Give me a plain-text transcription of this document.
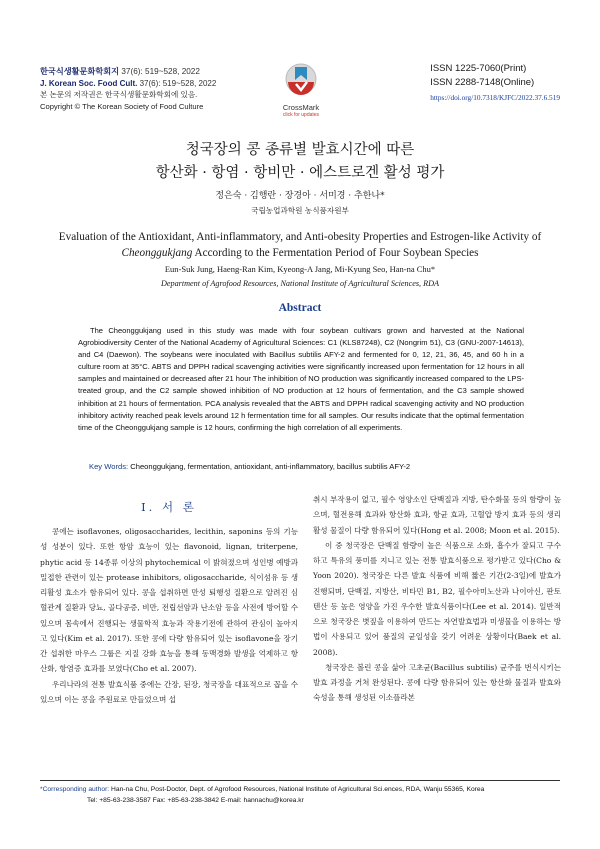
한국식생활문화학회지 37(6): 519~528, 2022
J. Korean Soc. Food Cult. 37(6): 519~528, 2022
본 논문의 저작권은 한국식생활문화학회에 있음.
Copyright © The Korean Society of Food Culture	CrossMark
click for updates
ISSN 1225-7060(Print)
ISSN 2288-7148(Online)
https://doi.org/10.7318/KJFC/2022.37.6.519
청국장의 콩 종류별 발효시간에 따른
항산화 · 항염 · 항비만 · 에스트로겐 활성 평가
정은숙 · 김행란 · 장경아 · 서미경 · 추한나*
국립농업과학원 농식품자원부
Evaluation of the Antioxidant, Anti-inflammatory, and Anti-obesity Properties and Estrogen-like Activity of Cheonggukjang According to the Fermentation Period of Four Soybean Species
Eun-Suk Jung, Haeng-Ran Kim, Kyeong-A Jang, Mi-Kyung Seo, Han-na Chu*
Department of Agrofood Resources, National Institute of Agricultural Sciences, RDA
Abstract
The Cheonggukjang used in this study was made with four soybean cultivars grown and harvested at the National Agrobiodiversity Center of the National Academy of Agricultural Sciences: C1 (KLS87248), C2 (Nongrim 51), C3 (GNU-2007-14613), and C4 (Daewon). The soybeans were inoculated with Bacillus subtilis AFY-2 and fermented for 0, 12, 21, 36, 45, and 60 h in a culture room at 35°C. ABTS and DPPH radical scavenging activities were significantly increased upon fermentation for 12 hours in all samples and maintained or decreased after 21 hour The inhibition of NO production was significantly increased compared to the LPS-treated group, and the C2 sample showed inhibition of NO production at 12 hours of fermentation, and the C3 sample showed inhibition at 21 hours of fermentation. PCA analysis revealed that the ABTS and DPPH radical scavenging activity and NO production inhibitory activity reached peak levels around 12 h fermentation time for all samples. Our results indicate that the optimal fermentation time of the Cheonggukjang sample is 12 hours, confirming the high correlation of all experiments.
Key Words: Cheonggukjang, fermentation, antioxidant, anti-inflammatory, bacillus subtilis AFY-2
Ⅰ. 서 론

콩에는 isoflavones, oligosaccharides, lecithin, saponins 등의 기능성 성분이 있다. 또한 항암 효능이 있는 flavonoid, lignan, triterpene, phytic acid 등 14종류 이상의 phytochemical 이 밝혀졌으며 성인병 예방과 밀접한 관련이 있는 protease inhibitors, oligosaccharide, 식이섬유 등 생리활성 효소가 함유되어 있다. 콩을 섭취하면 만성 퇴행성 질환으로 알려진 심혈관계 질환과 당뇨, 골다공증, 비만, 전립선암과 난소암 등을 사전에 방어할 수 있으며 몸속에서 진행되는 생물학적 효능과 작용기전에 관하여 관심이 높아지고 있다(Kim et al. 2017). 또한 콩에 다량 함유되어 있는 isoflavone을 장기간 섭취한 마우스 그룹은 지질 강화 효능을 통해 동맥경화 발생을 억제하고 항산화, 항염증 효과를 보였다(Cho et al. 2007).

우리나라의 전통 발효식품 중에는 간장, 된장, 청국장을 대표적으로 꼽을 수 있으며 이는 콩을 주원료로 만들었으며 섭

취시 부작용이 없고, 필수 영양소인 단백질과 지방, 탄수화물 등의 함량이 높으며, 혈전용해 효과와 항산화 효과, 항균 효과, 고혈압 방지 효과 등의 생리활성 물질이 다량 함유되어 있다(Hong et al. 2008; Moon et al. 2015).

이 중 청국장은 단백질 함량이 높은 식품으로 소화, 흡수가 잘되고 구수하고 특유의 풍미를 지니고 있는 전통 발효식품으로 평가받고 있다(Cho & Yoon 2020). 청국장은 다른 발효 식품에 비해 짧은 기간(2-3일)에 발효가 진행되며, 단백질, 지방산, 비타민 B1, B2, 필수아미노산과 나이아신, 판토텐산 등 높은 영양을 가진 우수한 발효식품이다(Lee et al. 2014). 일반적으로 청국장은 볏짚을 이용하여 만드는 자연발효법과 미생물을 이용하는 방법이 사용되고 있어 품질의 균일성을 갖기 어려운 상황이다(Baek et al. 2008).

청국장은 볼린 콩을 삶아 고초균(Bacillus subtilis) 균주를 번식시키는 발효 과정을 거쳐 완성된다. 콩에 다량 함유되어 있는 항산화 물질과 발효와 숙성을 통해 생성된 이소플라본

*Corresponding author: Han-na Chu, Post-Doctor, Dept. of Agrofood Resources, National Institute of Agricultural Sci.ences, RDA, Wanju 55365, Korea
Tel: +85-63-238-3587 Fax: +85-63-238-3842 E-mail: hannachu@korea.kr
